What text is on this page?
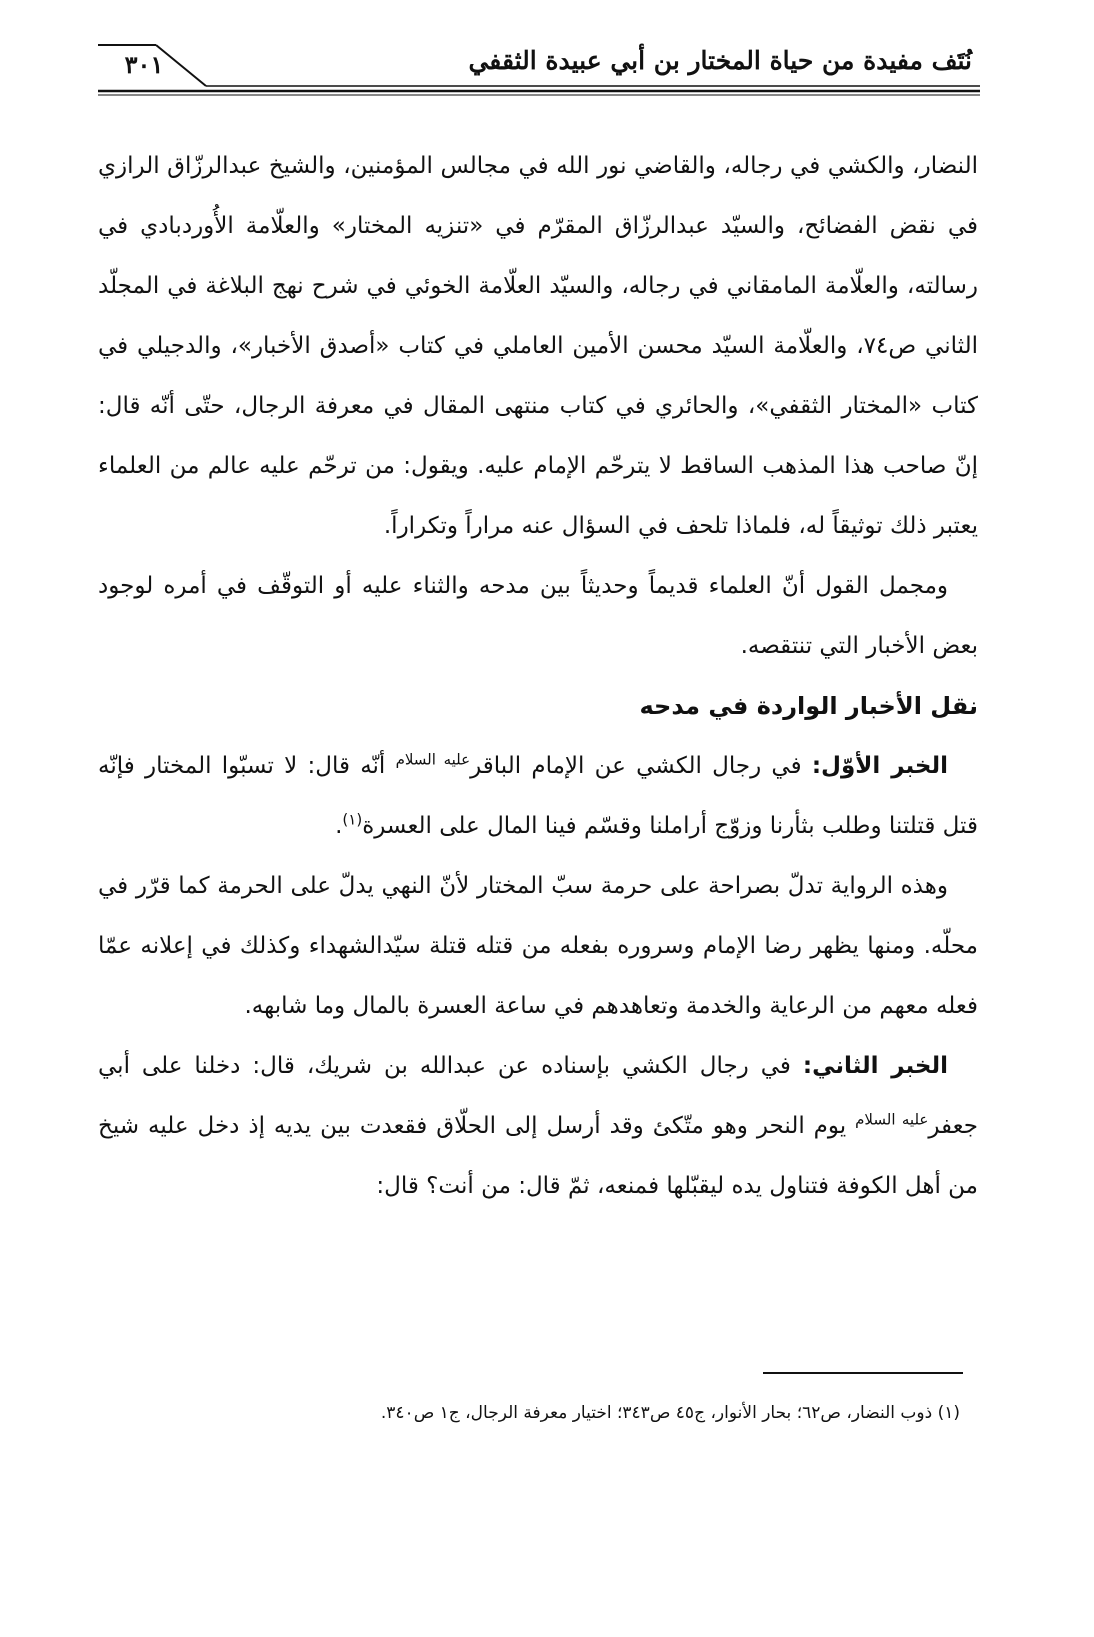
نُتَف مفيدة من حياة المختار بن أبي عبيدة الثقفي
٣٠١

النضار، والكشي في رجاله، والقاضي نور الله في مجالس المؤمنين، والشيخ عبدالرزّاق الرازي في نقض الفضائح، والسيّد عبدالرزّاق المقرّم في «تنزيه المختار» والعلّامة الأُوردبادي في رسالته، والعلّامة المامقاني في رجاله، والسيّد العلّامة الخوئي في شرح نهج البلاغة في المجلّد الثاني ص٧٤، والعلّامة السيّد محسن الأمين العاملي في كتاب «أصدق الأخبار»، والدجيلي في كتاب «المختار الثقفي»، والحائري في كتاب منتهى المقال في معرفة الرجال، حتّى أنّه قال: إنّ صاحب هذا المذهب الساقط لا يترحّم الإمام عليه. ويقول: من ترحّم عليه عالم من العلماء يعتبر ذلك توثيقاً له، فلماذا تلحف في السؤال عنه مراراً وتكراراً.

ومجمل القول أنّ العلماء قديماً وحديثاً بين مدحه والثناء عليه أو التوقّف في أمره لوجود بعض الأخبار التي تنتقصه.

نقل الأخبار الواردة في مدحه

الخبر الأوّل: في رجال الكشي عن الإمام الباقر$^{عليه السلام}$ أنّه قال: لا تسبّوا المختار فإنّه قتل قتلتنا وطلب بثأرنا وزوّج أراملنا وقسّم فينا المال على العسرة$^{(١)}$.

وهذه الرواية تدلّ بصراحة على حرمة سبّ المختار لأنّ النهي يدلّ على الحرمة كما قرّر في محلّه. ومنها يظهر رضا الإمام وسروره بفعله من قتله قتلة سيّدالشهداء وكذلك في إعلانه عمّا فعله معهم من الرعاية والخدمة وتعاهدهم في ساعة العسرة بالمال وما شابهه.

الخبر الثاني: في رجال الكشي بإسناده عن عبدالله بن شريك، قال: دخلنا على أبي جعفر$^{عليه السلام}$ يوم النحر وهو متّكئ وقد أرسل إلى الحلّاق فقعدت بين يديه إذ دخل عليه شيخ من أهل الكوفة فتناول يده ليقبّلها فمنعه، ثمّ قال: من أنت؟ قال:

(١) ذوب النضار، ص٦٢؛ بحار الأنوار، ج٤٥ ص٣٤٣؛ اختيار معرفة الرجال، ج١ ص٣٤٠.
